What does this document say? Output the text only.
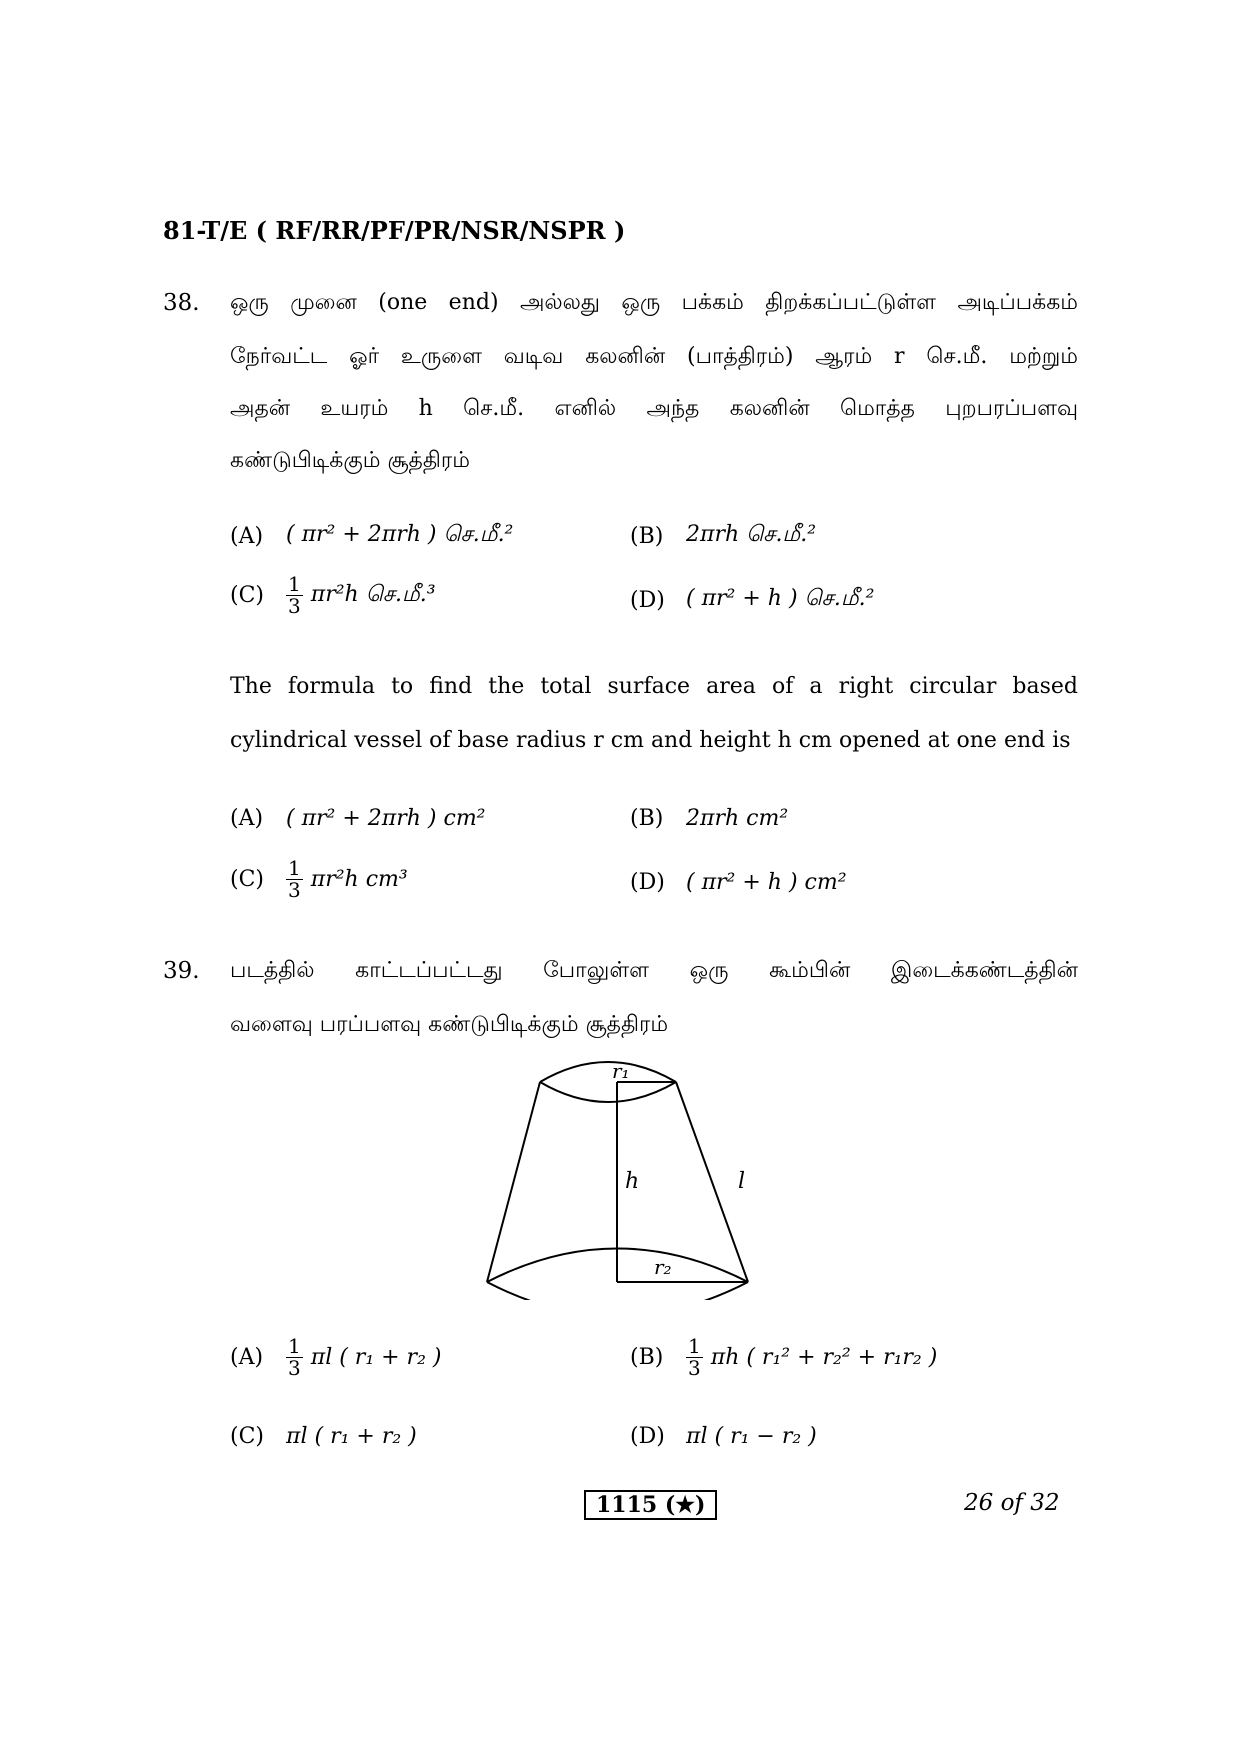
81-T/E ( RF/RR/PF/PR/NSR/NSPR )
38. ஒரு முனை (one end) அல்லது ஒரு பக்கம் திறக்கப்பட்டுள்ள அடிப்பக்கம்
நேர்வட்ட ஓர் உருளை வடிவ கலனின் (பாத்திரம்) ஆரம் r செ.மீ. மற்றும்
அதன் உயரம் h செ.மீ. எனில் அந்த கலனின் மொத்த புறபரப்பளவு
கண்டுபிடிக்கும் சூத்திரம்
(A)	( πr² + 2πrh ) செ.மீ.²	(B)	2πrh செ.மீ.²
(C)	$\frac{1}{3} \pi r^2h$ செ.மீ.³	(D) ( πr² + h ) செ.மீ.²
The formula to find the total surface area of a right circular based
cylindrical vessel of base radius r cm and height h cm opened at one end is
(A)	( πr² + 2πrh ) cm²	(B)	2πrh cm²
(C)	$\frac{1}{3} \pi r^2h$ cm³	(D) ( πr² + h ) cm²
39. படத்தில் காட்டப்பட்டது போலுள்ள ஒரு கூம்பின் இடைக்கண்டத்தின்
வளைவு பரப்பளவு கண்டுபிடிக்கும் சூத்திரம்
r₁
h	l
r₂
(A)	$\frac{1}{3}$ πl ( r₁ + r₂ )	(B)	$\frac{1}{3}$ πh ( r₁² + r₂² + r₁r₂ )
(C)	πl ( r₁ + r₂ )	(D) πl ( r₁ − r₂ )
1115 (★)	26 of 32
